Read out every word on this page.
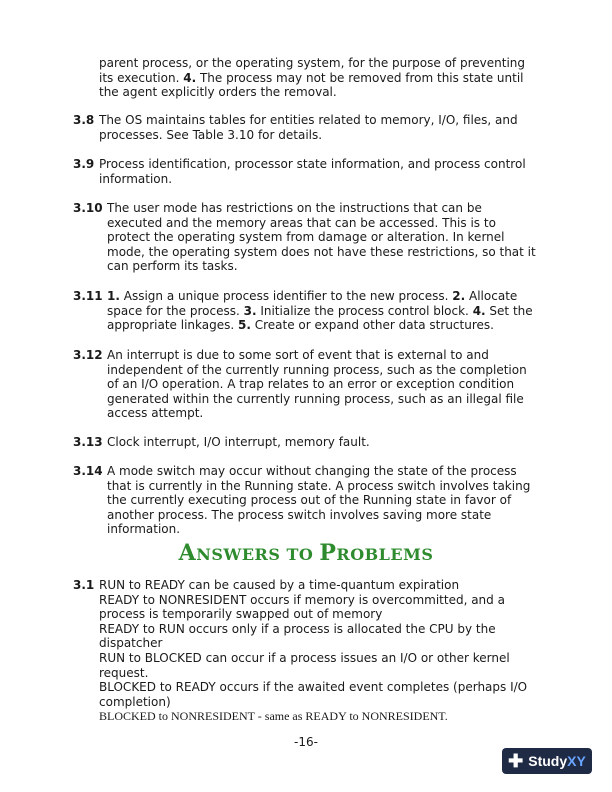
parent process, or the operating system, for the purpose of preventing
its execution. 4. The process may not be removed from this state until
the agent explicitly orders the removal.
3.8 The OS maintains tables for entities related to memory, I/O, files, and
processes. See Table 3.10 for details.
3.9 Process identification, processor state information, and process control
information.
3.10 The user mode has restrictions on the instructions that can be
executed and the memory areas that can be accessed. This is to
protect the operating system from damage or alteration. In kernel
mode, the operating system does not have these restrictions, so that it
can perform its tasks.
3.11 1. Assign a unique process identifier to the new process. 2. Allocate
space for the process. 3. Initialize the process control block. 4. Set the
appropriate linkages. 5. Create or expand other data structures.
3.12 An interrupt is due to some sort of event that is external to and
independent of the currently running process, such as the completion
of an I/O operation. A trap relates to an error or exception condition
generated within the currently running process, such as an illegal file
access attempt.
3.13 Clock interrupt, I/O interrupt, memory fault.
3.14 A mode switch may occur without changing the state of the process
that is currently in the Running state. A process switch involves taking
the currently executing process out of the Running state in favor of
another process. The process switch involves saving more state
information.
ANSWERS TO PROBLEMS
3.1 RUN to READY can be caused by a time-quantum expiration
READY to NONRESIDENT occurs if memory is overcommitted, and a
process is temporarily swapped out of memory
READY to RUN occurs only if a process is allocated the CPU by the
dispatcher
RUN to BLOCKED can occur if a process issues an I/O or other kernel
request.
BLOCKED to READY occurs if the awaited event completes (perhaps I/O
completion)
BLOCKED to NONRESIDENT - same as READY to NONRESIDENT.
-16-
✚ Study XY
